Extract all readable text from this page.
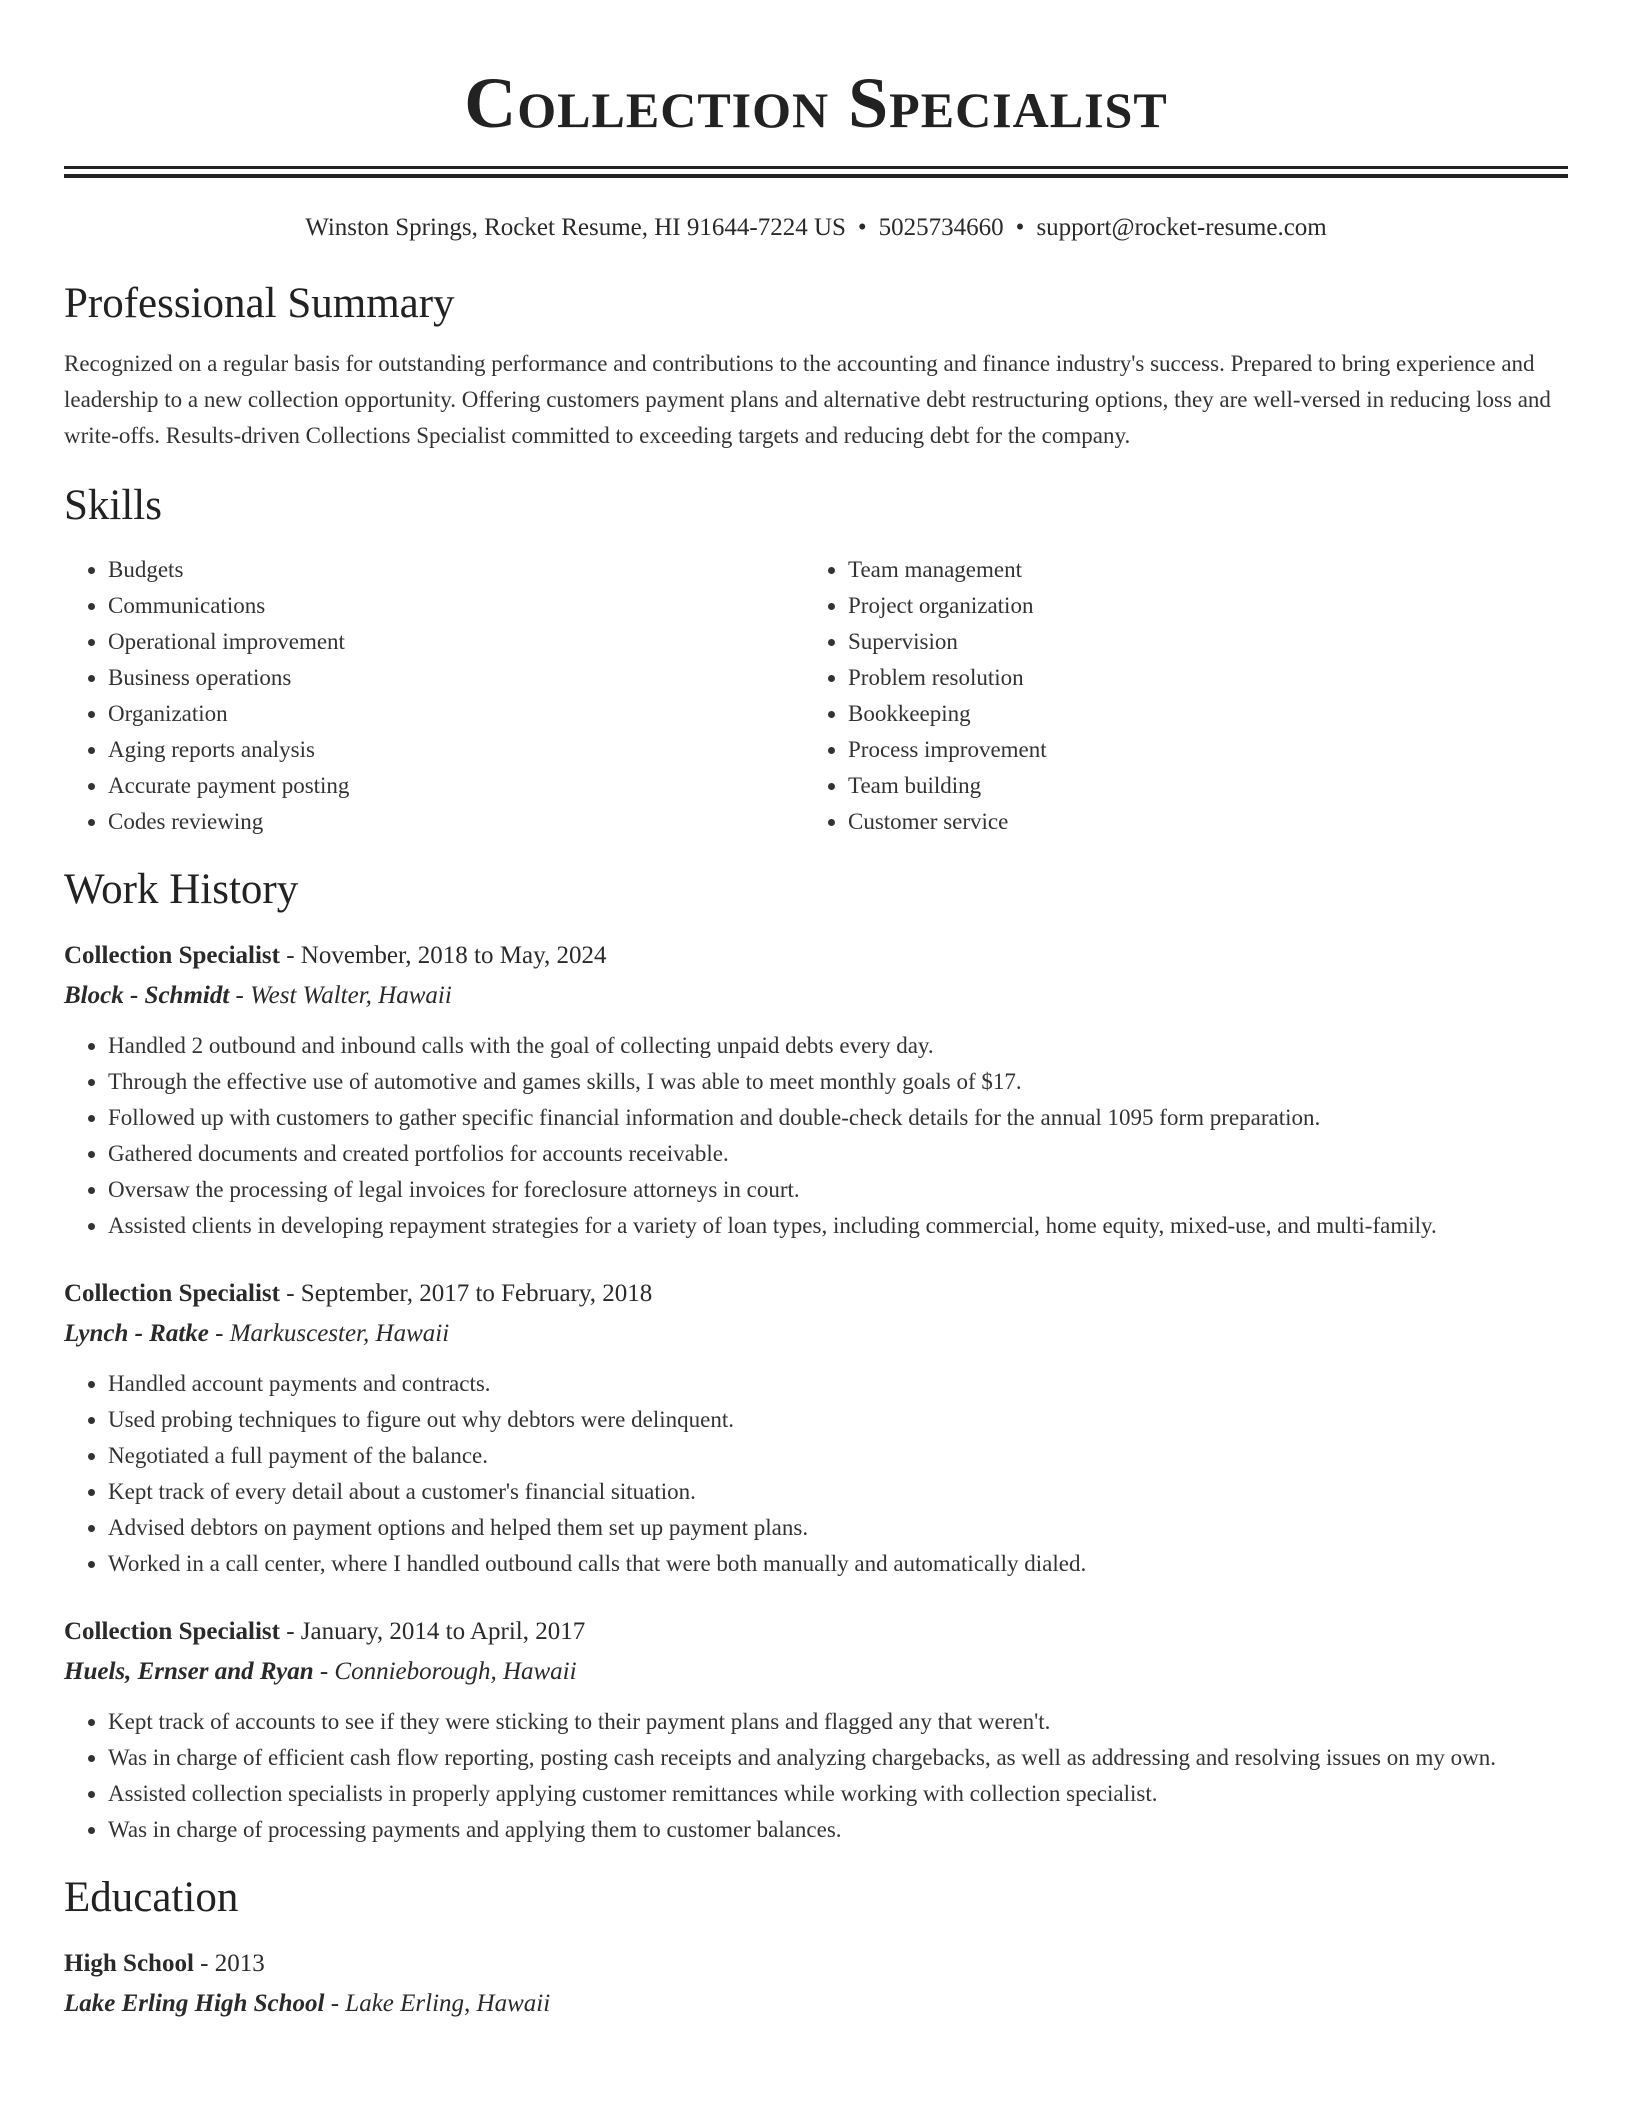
Collection Specialist
Winston Springs, Rocket Resume, HI 91644-7224 US • 5025734660 • support@rocket-resume.com
Professional Summary

Recognized on a regular basis for outstanding performance and contributions to the accounting and finance industry's success. Prepared to bring experience and leadership to a new collection opportunity. Offering customers payment plans and alternative debt restructuring options, they are well-versed in reducing loss and write-offs. Results-driven Collections Specialist committed to exceeding targets and reducing debt for the company.

Skills
• Budgets
• Communications
• Operational improvement
• Business operations
• Organization
• Aging reports analysis
• Accurate payment posting
• Codes reviewing
• Team management
• Project organization
• Supervision
• Problem resolution
• Bookkeeping
• Process improvement
• Team building
• Customer service
Work History
Collection Specialist - November, 2018 to May, 2024
Block - Schmidt - West Walter, Hawaii
• Handled 2 outbound and inbound calls with the goal of collecting unpaid debts every day.
• Through the effective use of automotive and games skills, I was able to meet monthly goals of $17.
• Followed up with customers to gather specific financial information and double-check details for the annual 1095 form preparation.
• Gathered documents and created portfolios for accounts receivable.
• Oversaw the processing of legal invoices for foreclosure attorneys in court.
• Assisted clients in developing repayment strategies for a variety of loan types, including commercial, home equity, mixed-use, and multi-family.
Collection Specialist - September, 2017 to February, 2018
Lynch - Ratke - Markuscester, Hawaii
• Handled account payments and contracts.
• Used probing techniques to figure out why debtors were delinquent.
• Negotiated a full payment of the balance.
• Kept track of every detail about a customer's financial situation.
• Advised debtors on payment options and helped them set up payment plans.
• Worked in a call center, where I handled outbound calls that were both manually and automatically dialed.
Collection Specialist - January, 2014 to April, 2017
Huels, Ernser and Ryan - Connieborough, Hawaii
• Kept track of accounts to see if they were sticking to their payment plans and flagged any that weren't.
• Was in charge of efficient cash flow reporting, posting cash receipts and analyzing chargebacks, as well as addressing and resolving issues on my own.
• Assisted collection specialists in properly applying customer remittances while working with collection specialist.
• Was in charge of processing payments and applying them to customer balances.
Education
High School - 2013
Lake Erling High School - Lake Erling, Hawaii
